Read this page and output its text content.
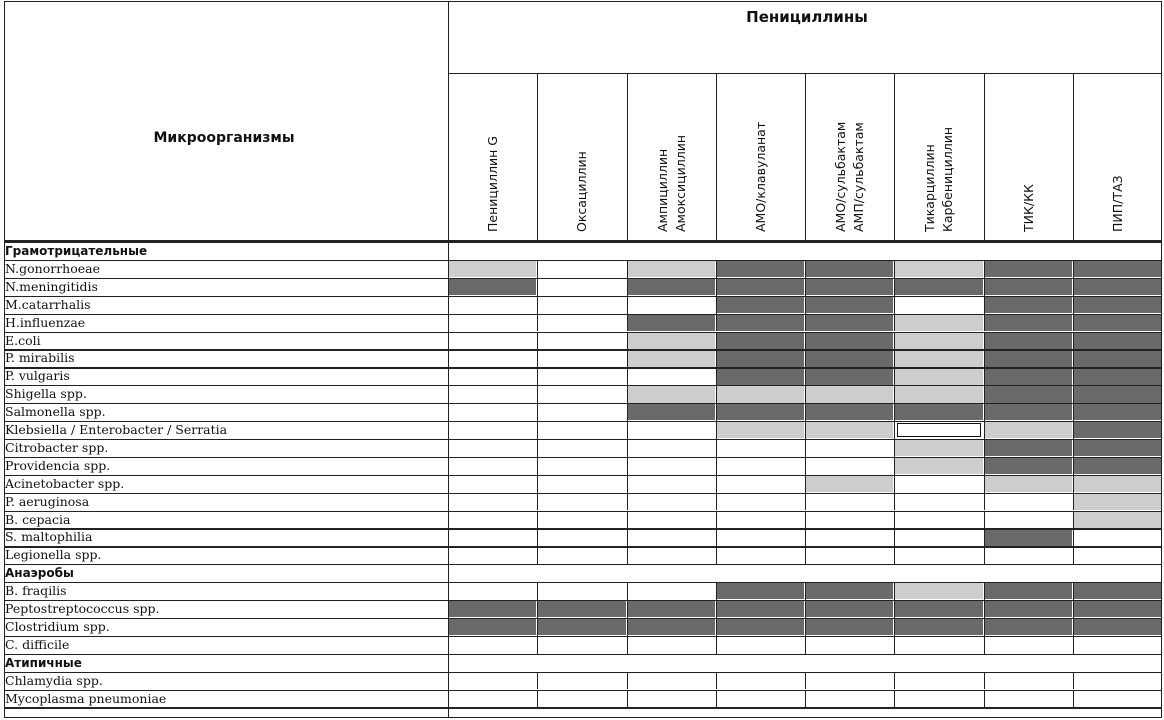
Пенициллины
Микроорганизмы	Пенициллин G	Оксациллин	Ампициллин Амоксициллин	АМО/клавуланат	АМО/сульбактам АМП/сульбактам	Тикарциллин Карбенициллин	ТИК/КК	ПИП/ТАЗ
Грамотрицательные
N.gonorrhoeae
N.meningitidis
M.catarrhalis
H.influenzae
E.coli
P. mirabilis
P. vulgaris
Shigella spp.
Salmonella spp.
Klebsiella / Enterobacter / Serratia
Citrobacter spp.
Providencia spp.
Acinetobacter spp.
P. aeruginosa
B. cepacia
S. maltophilia
Legionella spp.
Анаэробы
B. fraqilis
Peptostreptococcus spp.
Clostridium spp.
C. difficile
Атипичные
Chlamydia spp.
Mycoplasma pneumoniae
